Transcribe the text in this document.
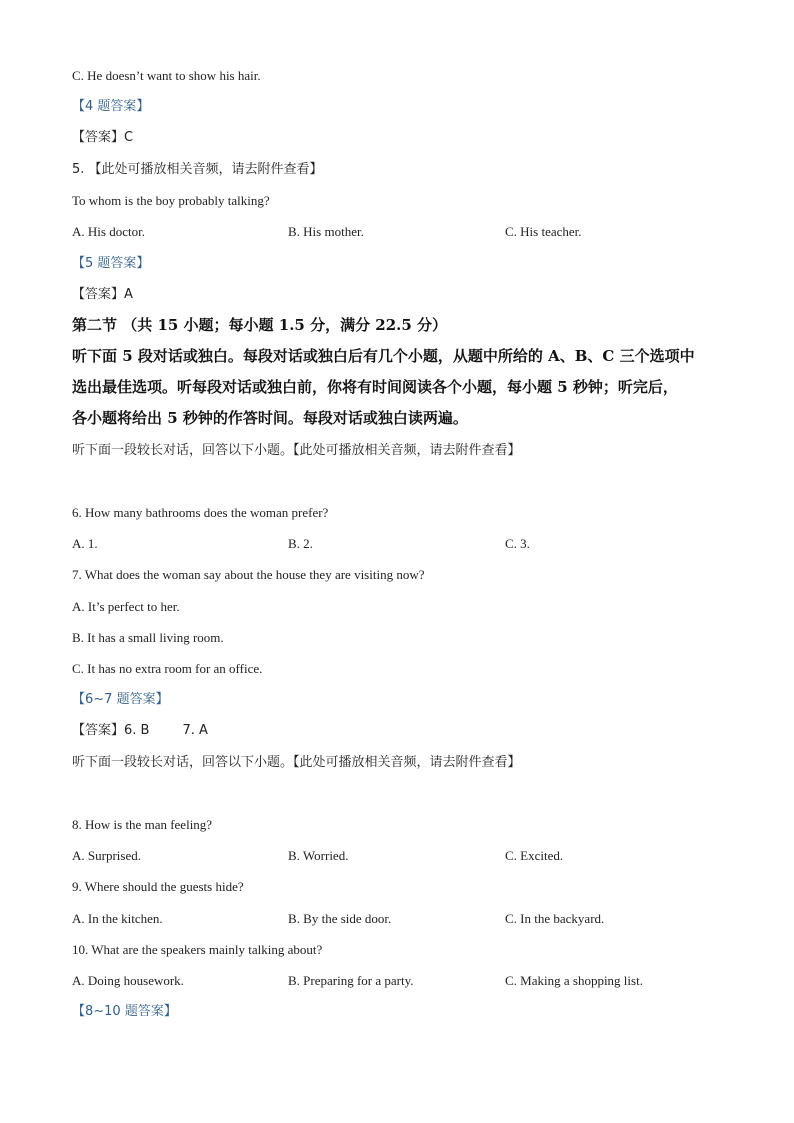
C. He doesn’t want to show his hair.
【4 题答案】
【答案】C
5. 【此处可播放相关音频，请去附件查看】
To whom is the boy probably talking?
A. His doctor.	B. His mother.	C. His teacher.
【5 题答案】
【答案】A
第二节 （共 15 小题；每小题 1.5 分，满分 22.5 分）
听下面 5 段对话或独白。每段对话或独白后有几个小题，从题中所给的 A、B、C 三个选项中
选出最佳选项。听每段对话或独白前，你将有时间阅读各个小题，每小题 5 秒钟；听完后，
各小题将给出 5 秒钟的作答时间。每段对话或独白读两遍。
听下面一段较长对话，回答以下小题。【此处可播放相关音频，请去附件查看】
6. How many bathrooms does the woman prefer?
A. 1.	B. 2.	C. 3.
7. What does the woman say about the house they are visiting now?
A. It’s perfect to her.
B. It has a small living room.
C. It has no extra room for an office.
【6~7 题答案】
【答案】6. B        7. A
听下面一段较长对话，回答以下小题。【此处可播放相关音频，请去附件查看】
8. How is the man feeling?
A. Surprised.	B. Worried.	C. Excited.
9. Where should the guests hide?
A. In the kitchen.	B. By the side door.	C. In the backyard.
10. What are the speakers mainly talking about?
A. Doing housework.	B. Preparing for a party.	C. Making a shopping list.
【8~10 题答案】
